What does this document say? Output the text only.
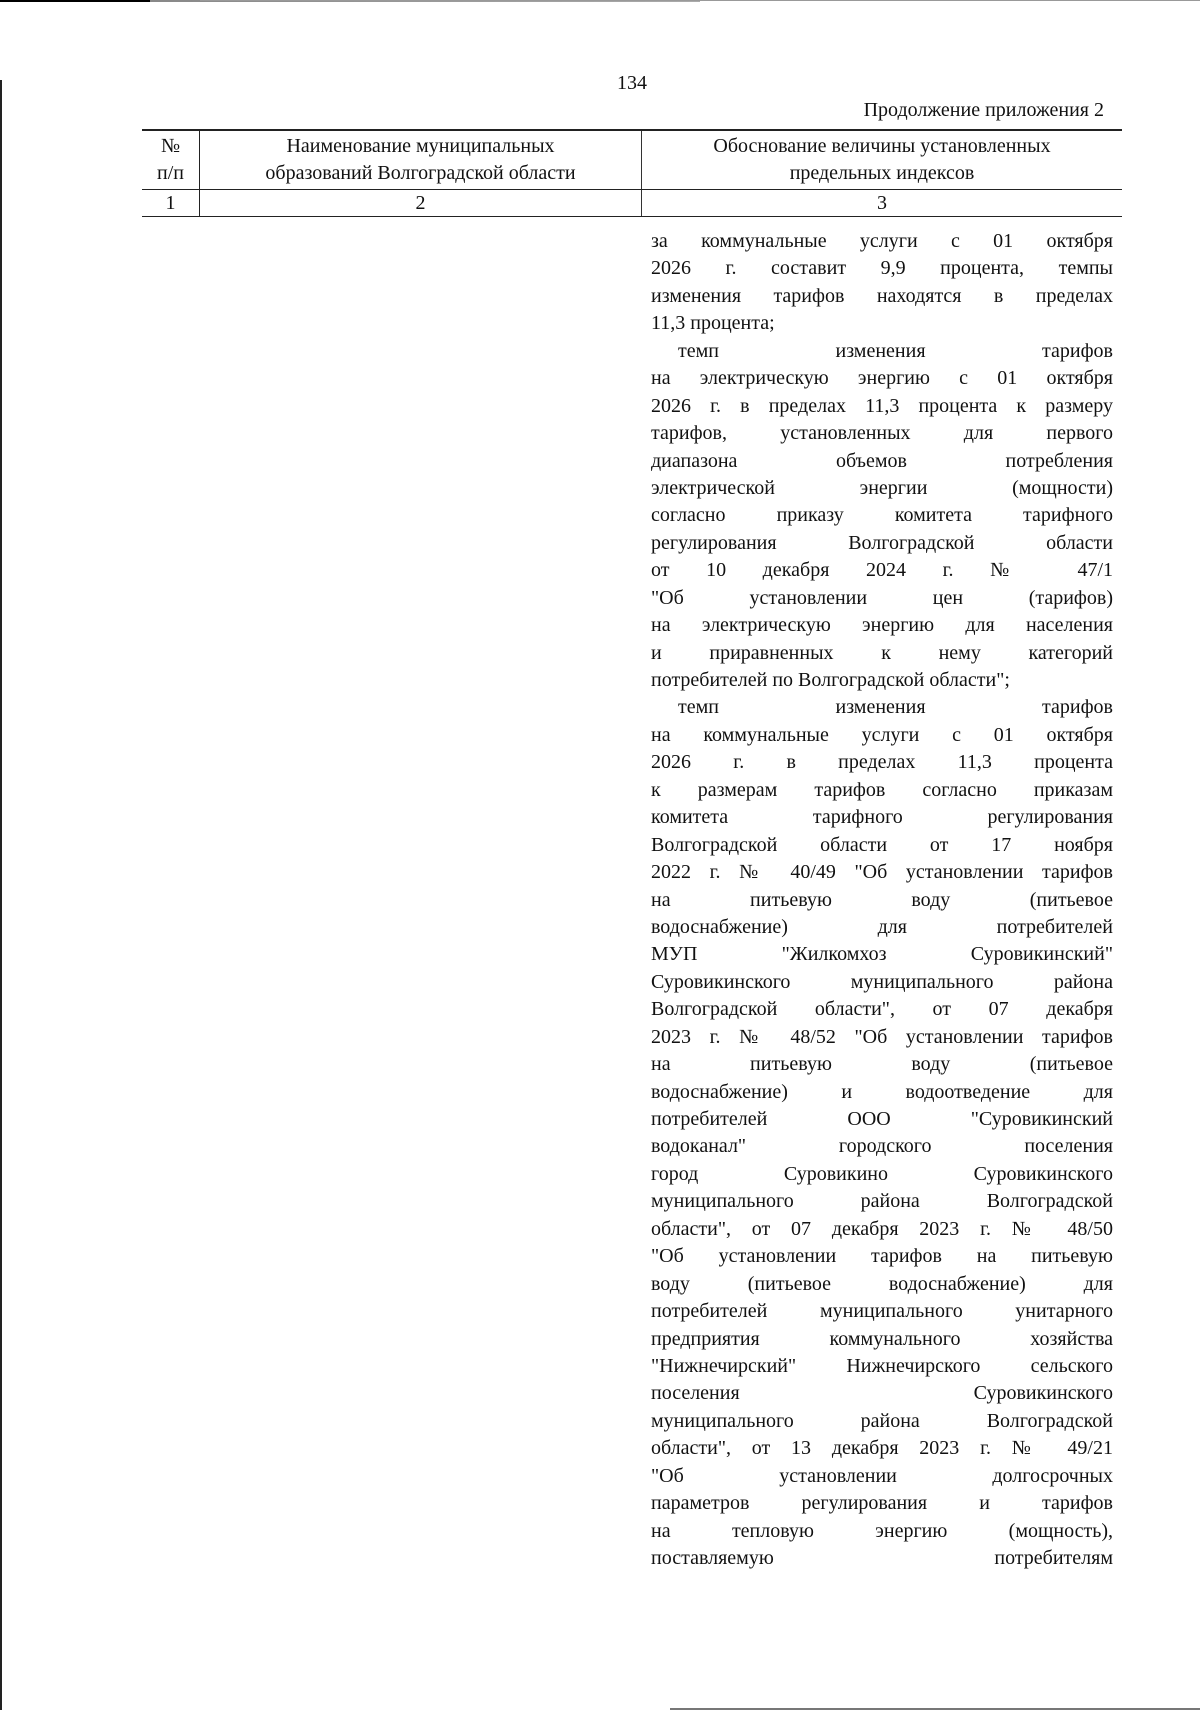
134
Продолжение приложения 2
№
п/п
Наименование муниципальных
образований Волгоградской области
Обоснование величины установленных
предельных индексов
1	2	3
за коммунальные услуги с 01 октября
2026 г. составит 9,9 процента, темпы
изменения тарифов находятся в пределах
11,3 процента;
темп изменения тарифов
на электрическую энергию с 01 октября
2026 г. в пределах 11,3 процента к размеру
тарифов, установленных для первого
диапазона объемов потребления
электрической энергии (мощности)
согласно приказу комитета тарифного
регулирования Волгоградской области
от 10 декабря 2024 г. № 47/1
"Об установлении цен (тарифов)
на электрическую энергию для населения
и приравненных к нему категорий
потребителей по Волгоградской области";
темп изменения тарифов
на коммунальные услуги с 01 октября
2026 г. в пределах 11,3 процента
к размерам тарифов согласно приказам
комитета тарифного регулирования
Волгоградской области от 17 ноября
2022 г. № 40/49 "Об установлении тарифов
на питьевую воду (питьевое
водоснабжение) для потребителей
МУП "Жилкомхоз Суровикинский"
Суровикинского муниципального района
Волгоградской области", от 07 декабря
2023 г. № 48/52 "Об установлении тарифов
на питьевую воду (питьевое
водоснабжение) и водоотведение для
потребителей ООО "Суровикинский
водоканал" городского поселения
город Суровикино Суровикинского
муниципального района Волгоградской
области", от 07 декабря 2023 г. № 48/50
"Об установлении тарифов на питьевую
воду (питьевое водоснабжение) для
потребителей муниципального унитарного
предприятия коммунального хозяйства
"Нижнечирский" Нижнечирского сельского
поселения Суровикинского
муниципального района Волгоградской
области", от 13 декабря 2023 г. № 49/21
"Об установлении долгосрочных
параметров регулирования и тарифов
на тепловую энергию (мощность),
поставляемую потребителям
